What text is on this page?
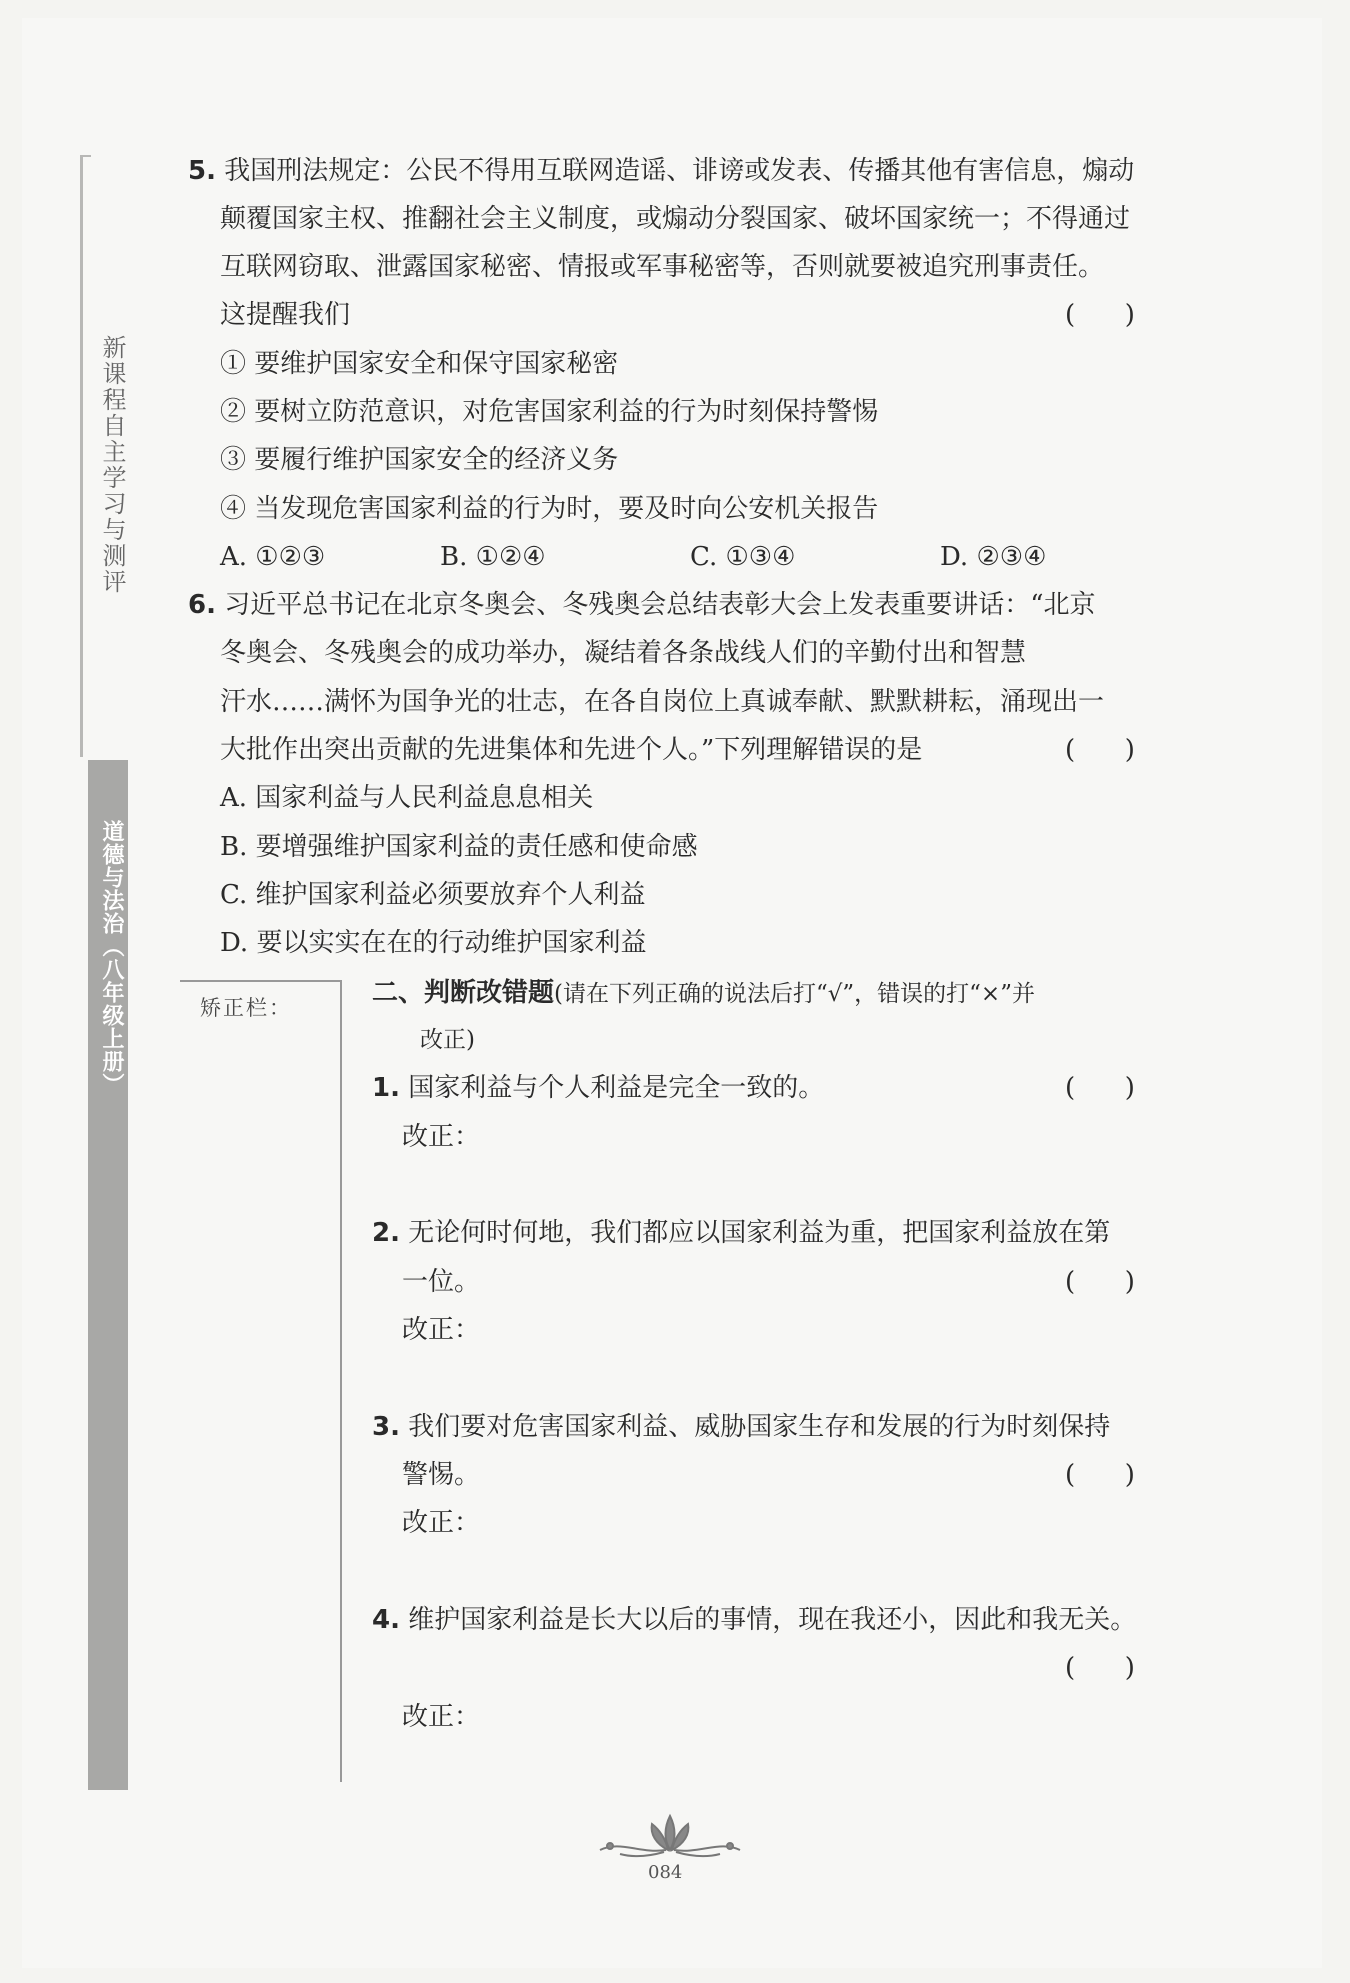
新课程自主学习与测评
道德与法治（八年级上册）	矫正栏：
5. 我国刑法规定：公民不得用互联网造谣、诽谤或发表、传播其他有害信息，煽动
颠覆国家主权、推翻社会主义制度，或煽动分裂国家、破坏国家统一；不得通过
互联网窃取、泄露国家秘密、情报或军事秘密等，否则就要被追究刑事责任。
这提醒我们	(      )
① 要维护国家安全和保守国家秘密
② 要树立防范意识，对危害国家利益的行为时刻保持警惕
③ 要履行维护国家安全的经济义务
④ 当发现危害国家利益的行为时，要及时向公安机关报告
A. ①②③	B. ①②④	C. ①③④	D. ②③④
6. 习近平总书记在北京冬奥会、冬残奥会总结表彰大会上发表重要讲话：“北京
冬奥会、冬残奥会的成功举办，凝结着各条战线人们的辛勤付出和智慧
汗水……满怀为国争光的壮志，在各自岗位上真诚奉献、默默耕耘，涌现出一
大批作出突出贡献的先进集体和先进个人。”下列理解错误的是	(      )
A. 国家利益与人民利益息息相关
B. 要增强维护国家利益的责任感和使命感
C. 维护国家利益必须要放弃个人利益
D. 要以实实在在的行动维护国家利益
二、判断改错题(请在下列正确的说法后打“√”，错误的打“×”并
改正)
1. 国家利益与个人利益是完全一致的。	(      )
改正：
2. 无论何时何地，我们都应以国家利益为重，把国家利益放在第
一位。	(      )
改正：
3. 我们要对危害国家利益、威胁国家生存和发展的行为时刻保持
警惕。	(      )
改正：
4. 维护国家利益是长大以后的事情，现在我还小，因此和我无关。
(      )
改正：
084
